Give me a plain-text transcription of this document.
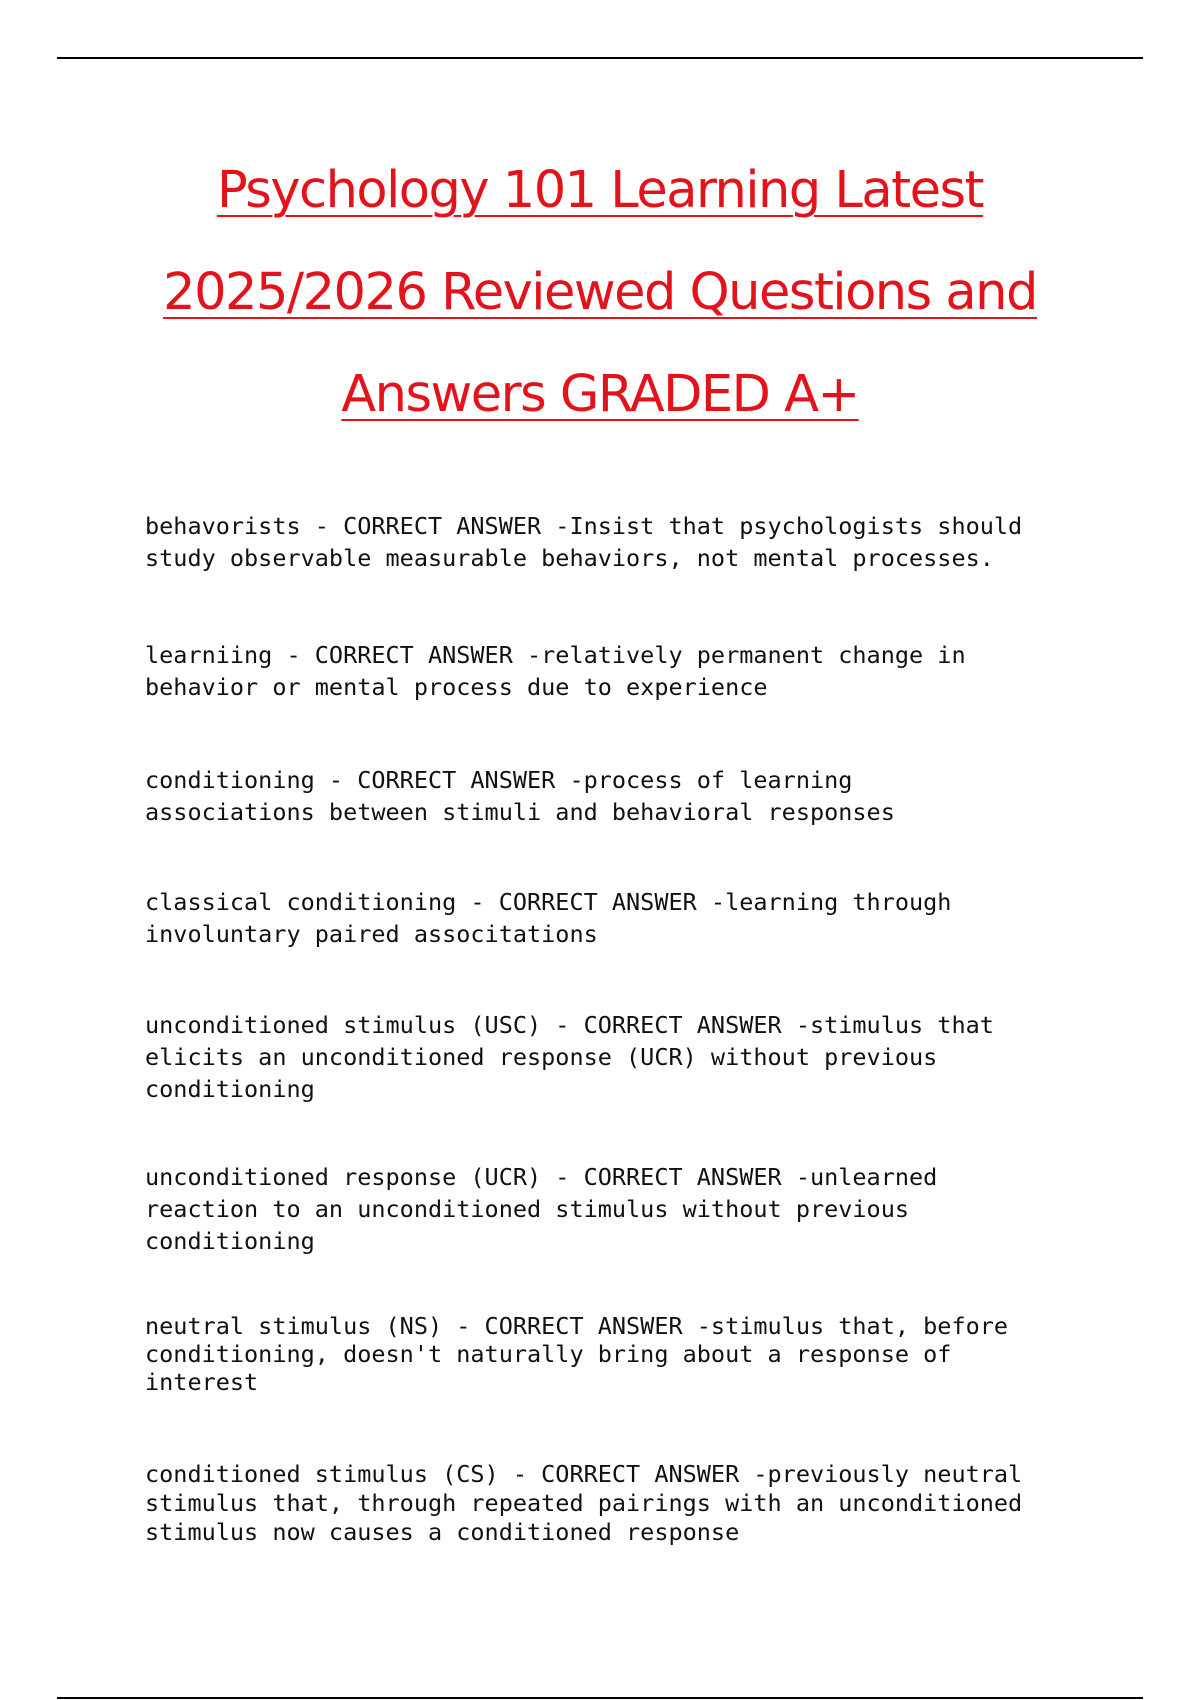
Psychology 101 Learning Latest
2025/2026 Reviewed Questions and
Answers GRADED A+

behavorists - CORRECT ANSWER -Insist that psychologists should
study observable measurable behaviors, not mental processes.

learniing - CORRECT ANSWER -relatively permanent change in
behavior or mental process due to experience

conditioning - CORRECT ANSWER -process of learning
associations between stimuli and behavioral responses

classical conditioning - CORRECT ANSWER -learning through
involuntary paired associtations

unconditioned stimulus (USC) - CORRECT ANSWER -stimulus that
elicits an unconditioned response (UCR) without previous
conditioning

unconditioned response (UCR) - CORRECT ANSWER -unlearned
reaction to an unconditioned stimulus without previous
conditioning

neutral stimulus (NS) - CORRECT ANSWER -stimulus that, before
conditioning, doesn't naturally bring about a response of
interest

conditioned stimulus (CS) - CORRECT ANSWER -previously neutral
stimulus that, through repeated pairings with an unconditioned
stimulus now causes a conditioned response
